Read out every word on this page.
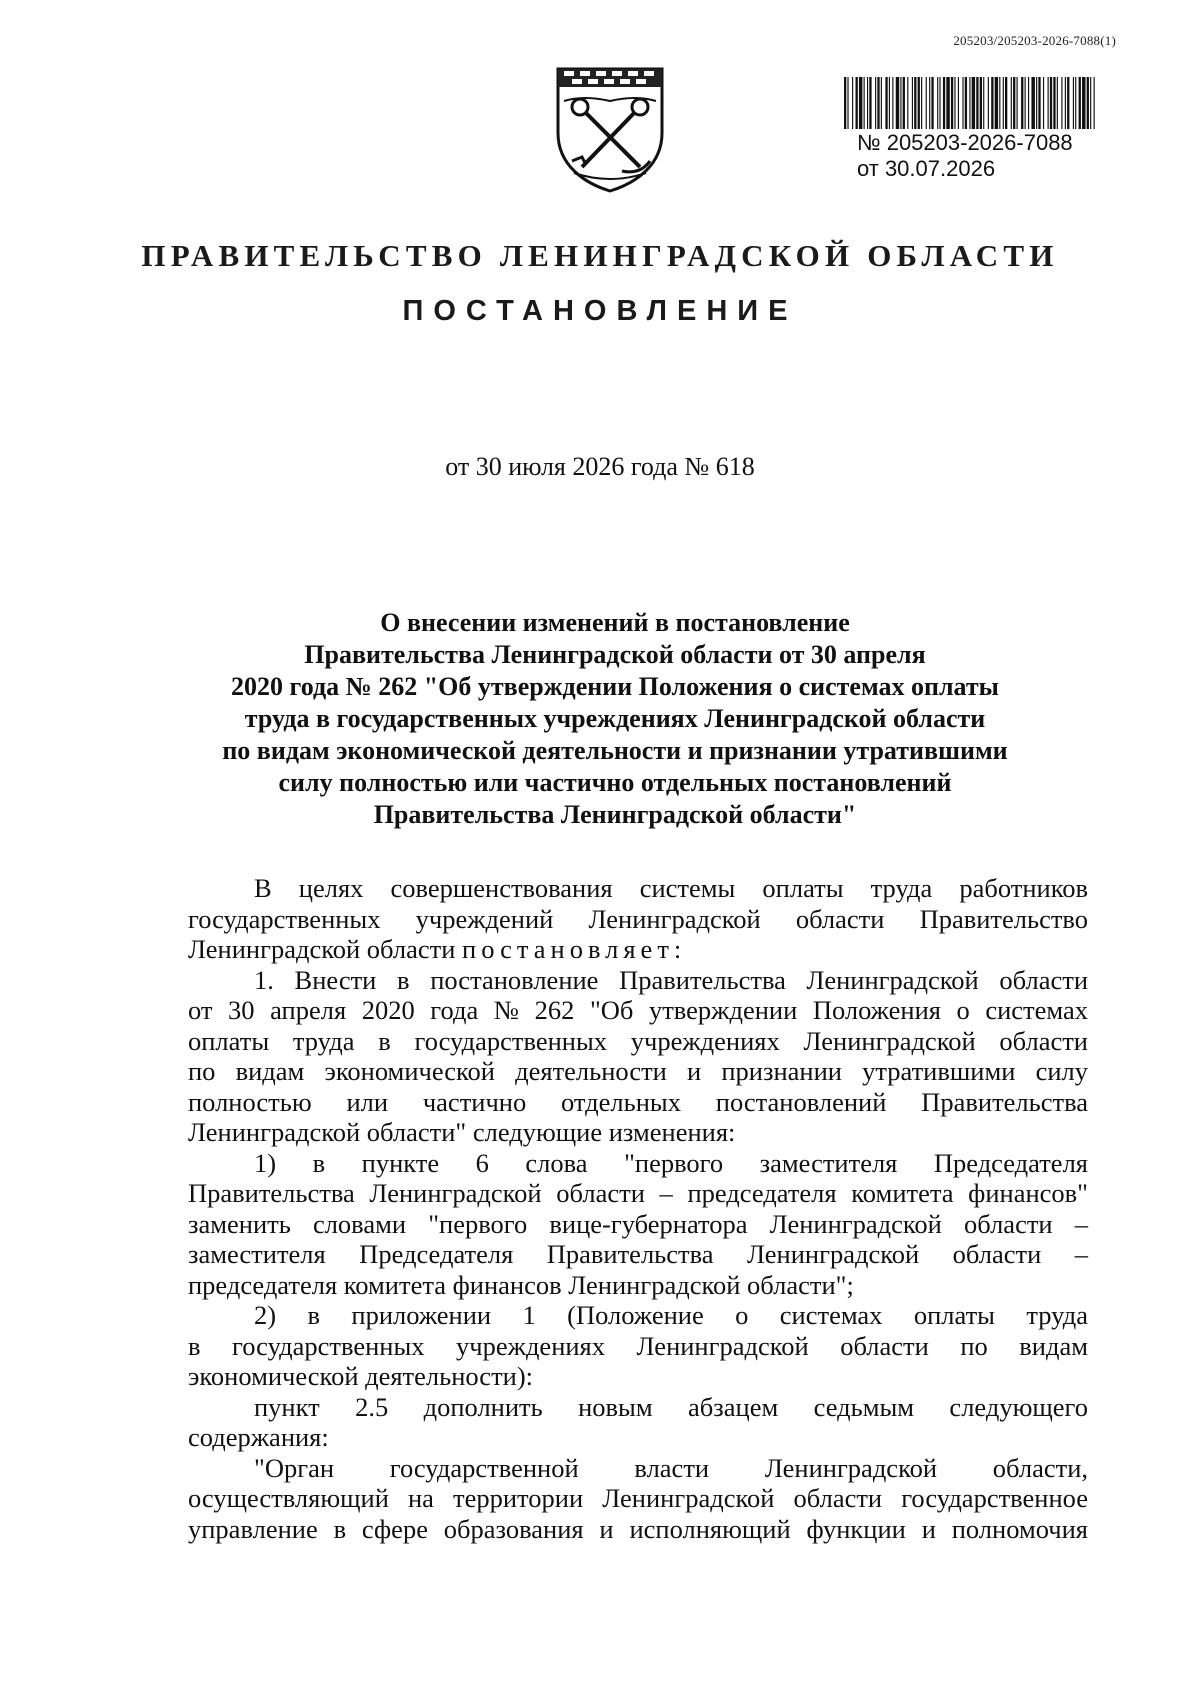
205203/205203-2026-7088(1)
№ 205203-2026-7088
от 30.07.2026
ПРАВИТЕЛЬСТВО ЛЕНИНГРАДСКОЙ ОБЛАСТИ
ПОСТАНОВЛЕНИЕ
от 30 июля 2026 года № 618
О внесении изменений в постановление
Правительства Ленинградской области от 30 апреля
2020 года № 262 "Об утверждении Положения о системах оплаты
труда в государственных учреждениях Ленинградской области
по видам экономической деятельности и признании утратившими
силу полностью или частично отдельных постановлений
Правительства Ленинградской области"
В целях совершенствования системы оплаты труда работников
государственных учреждений Ленинградской области Правительство
Ленинградской области постановляет:
1. Внести в постановление Правительства Ленинградской области
от 30 апреля 2020 года № 262 "Об утверждении Положения о системах
оплаты труда в государственных учреждениях Ленинградской области
по видам экономической деятельности и признании утратившими силу
полностью или частично отдельных постановлений Правительства
Ленинградской области" следующие изменения:
1) в пункте 6 слова "первого заместителя Председателя
Правительства Ленинградской области – председателя комитета финансов"
заменить словами "первого вице-губернатора Ленинградской области –
заместителя Председателя Правительства Ленинградской области –
председателя комитета финансов Ленинградской области";
2) в приложении 1 (Положение о системах оплаты труда
в государственных учреждениях Ленинградской области по видам
экономической деятельности):
пункт 2.5 дополнить новым абзацем седьмым следующего
содержания:
"Орган государственной власти Ленинградской области,
осуществляющий на территории Ленинградской области государственное
управление в сфере образования и исполняющий функции и полномочия
